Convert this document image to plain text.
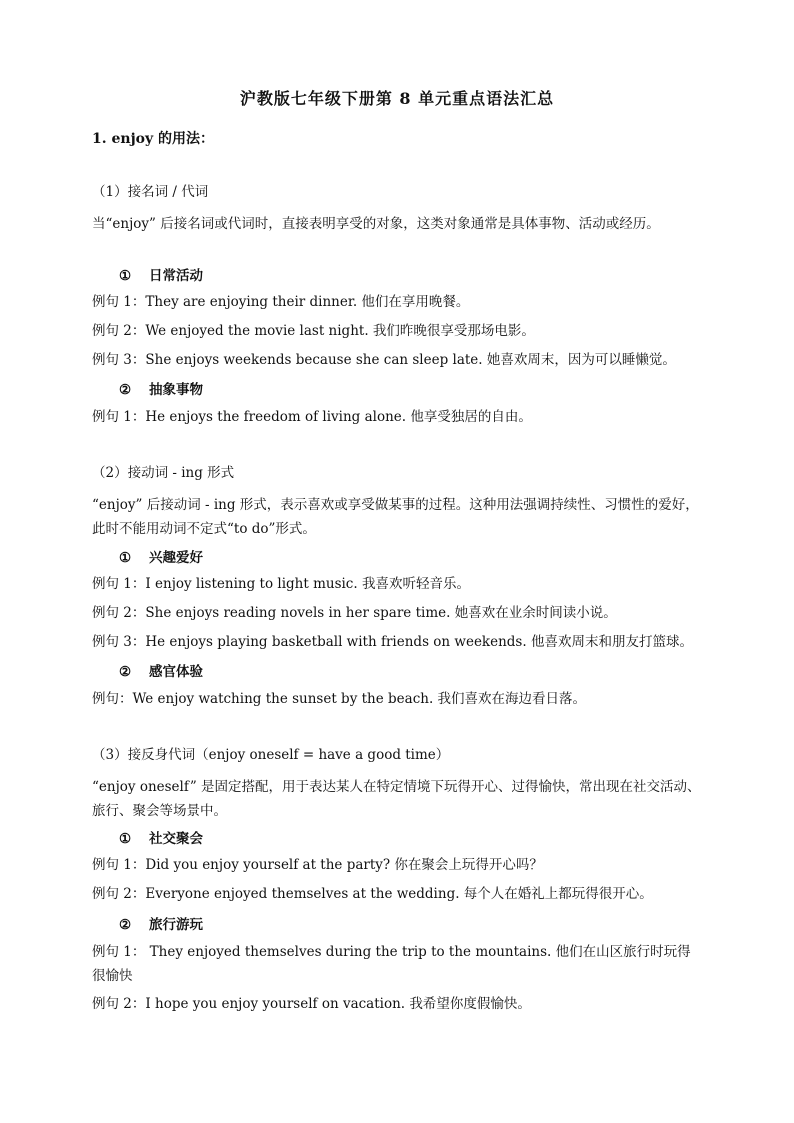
沪教版七年级下册第 8 单元重点语法汇总
1. enjoy 的用法：
（1）接名词 / 代词
当“enjoy” 后接名词或代词时，直接表明享受的对象，这类对象通常是具体事物、活动或经历。
① 日常活动
例句 1：They are enjoying their dinner. 他们在享用晚餐。
例句 2：We enjoyed the movie last night. 我们昨晚很享受那场电影。
例句 3：She enjoys weekends because she can sleep late. 她喜欢周末，因为可以睡懒觉。
② 抽象事物
例句 1：He enjoys the freedom of living alone. 他享受独居的自由。
（2）接动词 - ing 形式
“enjoy” 后接动词 - ing 形式，表示喜欢或享受做某事的过程。这种用法强调持续性、习惯性的爱好，此时不能用动词不定式“to do”形式。
① 兴趣爱好
例句 1：I enjoy listening to light music. 我喜欢听轻音乐。
例句 2：She enjoys reading novels in her spare time. 她喜欢在业余时间读小说。
例句 3：He enjoys playing basketball with friends on weekends. 他喜欢周末和朋友打篮球。
② 感官体验
例句：We enjoy watching the sunset by the beach. 我们喜欢在海边看日落。
（3）接反身代词（enjoy oneself = have a good time）
“enjoy oneself” 是固定搭配，用于表达某人在特定情境下玩得开心、过得愉快，常出现在社交活动、旅行、聚会等场景中。
① 社交聚会
例句 1：Did you enjoy yourself at the party? 你在聚会上玩得开心吗？
例句 2：Everyone enjoyed themselves at the wedding. 每个人在婚礼上都玩得很开心。
② 旅行游玩
例句 1： They enjoyed themselves during the trip to the mountains. 他们在山区旅行时玩得很愉快
例句 2：I hope you enjoy yourself on vacation. 我希望你度假愉快。
